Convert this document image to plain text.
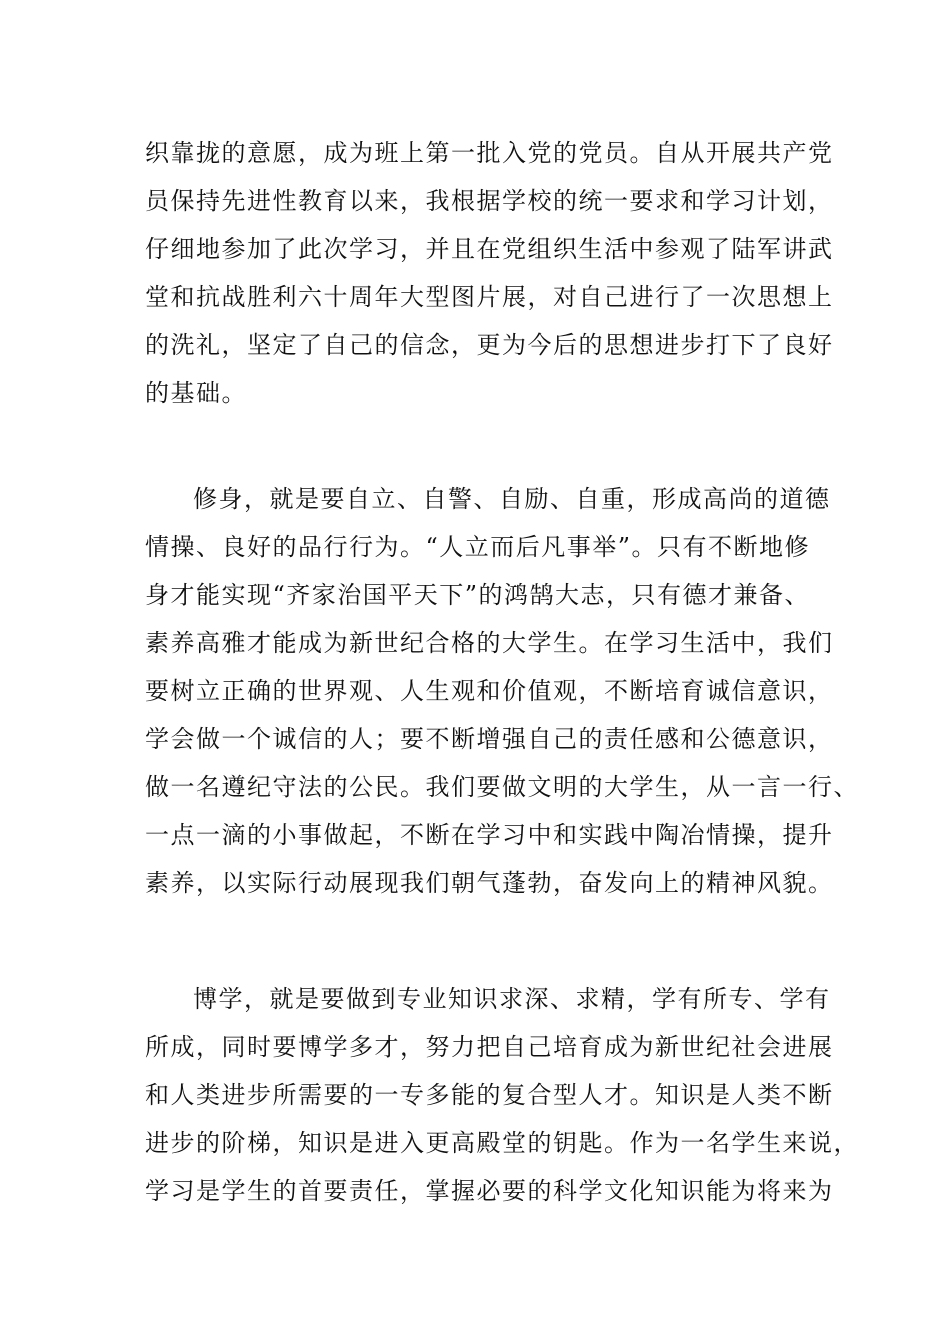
织靠拢的意愿，成为班上第一批入党的党员。自从开展共产党
员保持先进性教育以来，我根据学校的统一要求和学习计划，
仔细地参加了此次学习，并且在党组织生活中参观了陆军讲武
堂和抗战胜利六十周年大型图片展，对自己进行了一次思想上
的洗礼，坚定了自己的信念，更为今后的思想进步打下了良好
的基础。
修身，就是要自立、自警、自励、自重，形成高尚的道德
情操、良好的品行行为。“人立而后凡事举”。只有不断地修
身才能实现“齐家治国平天下”的鸿鹄大志，只有德才兼备、
素养高雅才能成为新世纪合格的大学生。在学习生活中，我们
要树立正确的世界观、人生观和价值观，不断培育诚信意识，
学会做一个诚信的人；要不断增强自己的责任感和公德意识，
做一名遵纪守法的公民。我们要做文明的大学生，从一言一行、
一点一滴的小事做起，不断在学习中和实践中陶冶情操，提升
素养，以实际行动展现我们朝气蓬勃，奋发向上的精神风貌。
博学，就是要做到专业知识求深、求精，学有所专、学有
所成，同时要博学多才，努力把自己培育成为新世纪社会进展
和人类进步所需要的一专多能的复合型人才。知识是人类不断
进步的阶梯，知识是进入更高殿堂的钥匙。作为一名学生来说，
学习是学生的首要责任，掌握必要的科学文化知识能为将来为
